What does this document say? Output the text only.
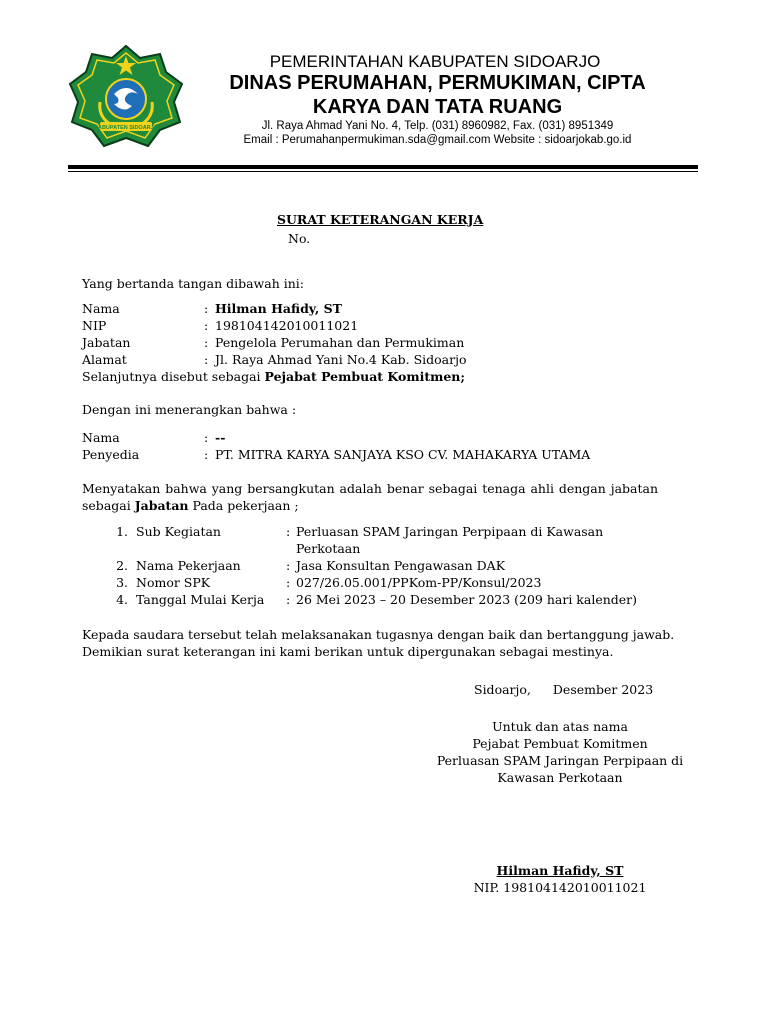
KABUPATEN SIDOARJO
PEMERINTAHAN KABUPATEN SIDOARJO
DINAS PERUMAHAN, PERMUKIMAN, CIPTA
KARYA DAN TATA RUANG
Jl. Raya Ahmad Yani No. 4, Telp. (031) 8960982, Fax. (031) 8951349
Email : Perumahanpermukiman.sda@gmail.com Website : sidoarjokab.go.id
SURAT KETERANGAN KERJA
No.
Yang bertanda tangan dibawah ini:
Nama	: Hilman Hafidy, ST
NIP	: 198104142010011021
Jabatan	: Pengelola Perumahan dan Permukiman
Alamat	: Jl. Raya Ahmad Yani No.4 Kab. Sidoarjo
Selanjutnya disebut sebagai Pejabat Pembuat Komitmen;
Dengan ini menerangkan bahwa :
Nama	: --
Penyedia	: PT. MITRA KARYA SANJAYA KSO CV. MAHAKARYA UTAMA
Menyatakan bahwa yang bersangkutan adalah benar sebagai tenaga ahli dengan jabatan
sebagai Jabatan Pada pekerjaan ;
1. Sub Kegiatan	: Perluasan SPAM Jaringan Perpipaan di Kawasan
Perkotaan
2. Nama Pekerjaan	: Jasa Konsultan Pengawasan DAK
3. Nomor SPK	: 027/26.05.001/PPKom-PP/Konsul/2023
4. Tanggal Mulai Kerja : 26 Mei 2023 – 20 Desember 2023 (209 hari kalender)
Kepada saudara tersebut telah melaksanakan tugasnya dengan baik dan bertanggung jawab.
Demikian surat keterangan ini kami berikan untuk dipergunakan sebagai mestinya.
Sidoarjo, Desember 2023
Untuk dan atas nama
Pejabat Pembuat Komitmen
Perluasan SPAM Jaringan Perpipaan di
Kawasan Perkotaan
Hilman Hafidy, ST
NIP. 198104142010011021
